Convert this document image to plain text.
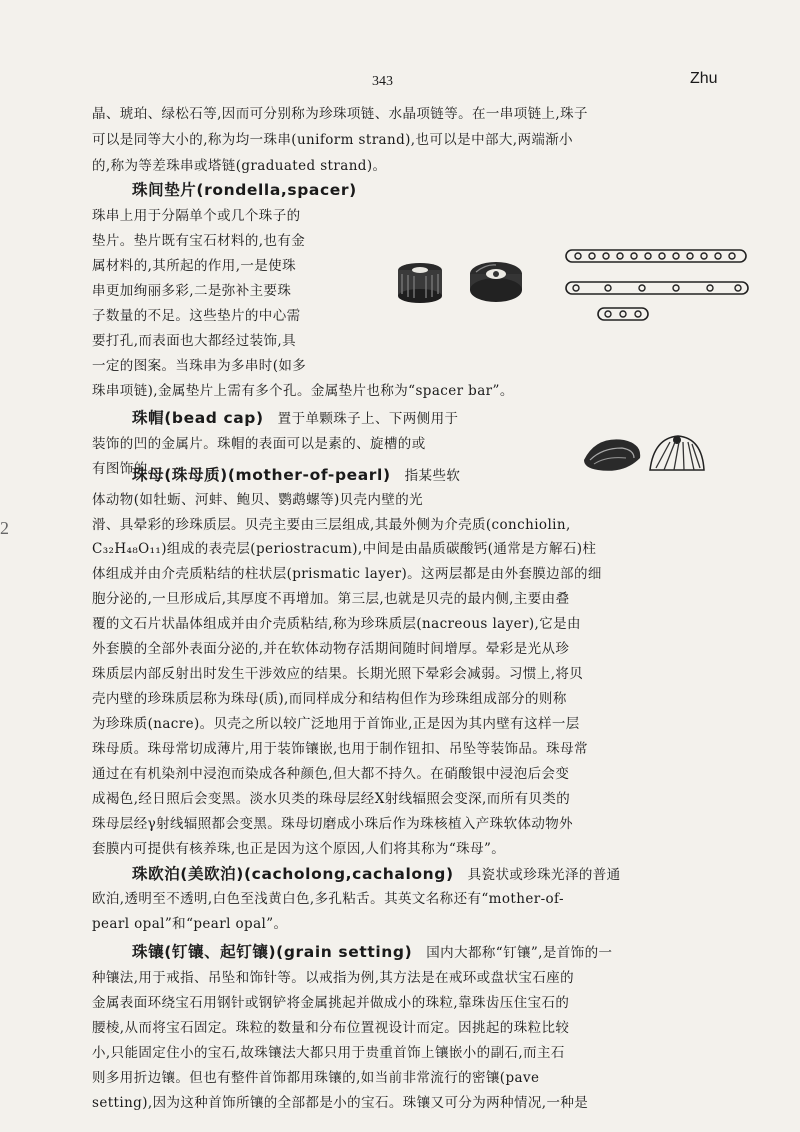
343	Zhu
2
晶、琥珀、绿松石等,因而可分别称为珍珠项链、水晶项链等。在一串项链上,珠子
可以是同等大小的,称为均一珠串(uniform strand),也可以是中部大,两端渐小
的,称为等差珠串或塔链(graduated strand)。
珠间垫片(rondella,spacer)
珠串上用于分隔单个或几个珠子的
垫片。垫片既有宝石材料的,也有金
属材料的,其所起的作用,一是使珠
串更加绚丽多彩,二是弥补主要珠
子数量的不足。这些垫片的中心需
要打孔,而表面也大都经过装饰,具
一定的图案。当珠串为多串时(如多
珠串项链),金属垫片上需有多个孔。金属垫片也称为“spacer bar”。
珠帽(bead cap) 置于单颗珠子上、下两侧用于
装饰的凹的金属片。珠帽的表面可以是素的、旋槽的或
有图饰的。
珠母(珠母质)(mother-of-pearl) 指某些软
体动物(如牡蛎、河蚌、鲍贝、鹦鹉螺等)贝壳内壁的光
滑、具晕彩的珍珠质层。贝壳主要由三层组成,其最外侧为介壳质(conchiolin,
C₃₂H₄₈O₁₁)组成的表壳层(periostracum),中间是由晶质碳酸钙(通常是方解石)柱
体组成并由介壳质粘结的柱状层(prismatic layer)。这两层都是由外套膜边部的细
胞分泌的,一旦形成后,其厚度不再增加。第三层,也就是贝壳的最内侧,主要由叠
覆的文石片状晶体组成并由介壳质粘结,称为珍珠质层(nacreous layer),它是由
外套膜的全部外表面分泌的,并在软体动物存活期间随时间增厚。晕彩是光从珍
珠质层内部反射出时发生干涉效应的结果。长期光照下晕彩会减弱。习惯上,将贝
壳内壁的珍珠质层称为珠母(质),而同样成分和结构但作为珍珠组成部分的则称
为珍珠质(nacre)。贝壳之所以较广泛地用于首饰业,正是因为其内壁有这样一层
珠母质。珠母常切成薄片,用于装饰镶嵌,也用于制作钮扣、吊坠等装饰品。珠母常
通过在有机染剂中浸泡而染成各种颜色,但大都不持久。在硝酸银中浸泡后会变
成褐色,经日照后会变黑。淡水贝类的珠母层经X射线辐照会变深,而所有贝类的
珠母层经γ射线辐照都会变黑。珠母切磨成小珠后作为珠核植入产珠软体动物外
套膜内可提供有核养珠,也正是因为这个原因,人们将其称为“珠母”。
珠欧泊(美欧泊)(cacholong,cachalong) 具瓷状或珍珠光泽的普通
欧泊,透明至不透明,白色至浅黄白色,多孔粘舌。其英文名称还有“mother-of-
pearl opal”和“pearl opal”。
珠镶(钉镶、起钉镶)(grain setting) 国内大都称“钉镶”,是首饰的一
种镶法,用于戒指、吊坠和饰针等。以戒指为例,其方法是在戒环或盘状宝石座的
金属表面环绕宝石用钢针或钢铲将金属挑起并做成小的珠粒,靠珠齿压住宝石的
腰棱,从而将宝石固定。珠粒的数量和分布位置视设计而定。因挑起的珠粒比较
小,只能固定住小的宝石,故珠镶法大都只用于贵重首饰上镶嵌小的副石,而主石
则多用折边镶。但也有整件首饰都用珠镶的,如当前非常流行的密镶(pave
setting),因为这种首饰所镶的全部都是小的宝石。珠镶又可分为两种情况,一种是
